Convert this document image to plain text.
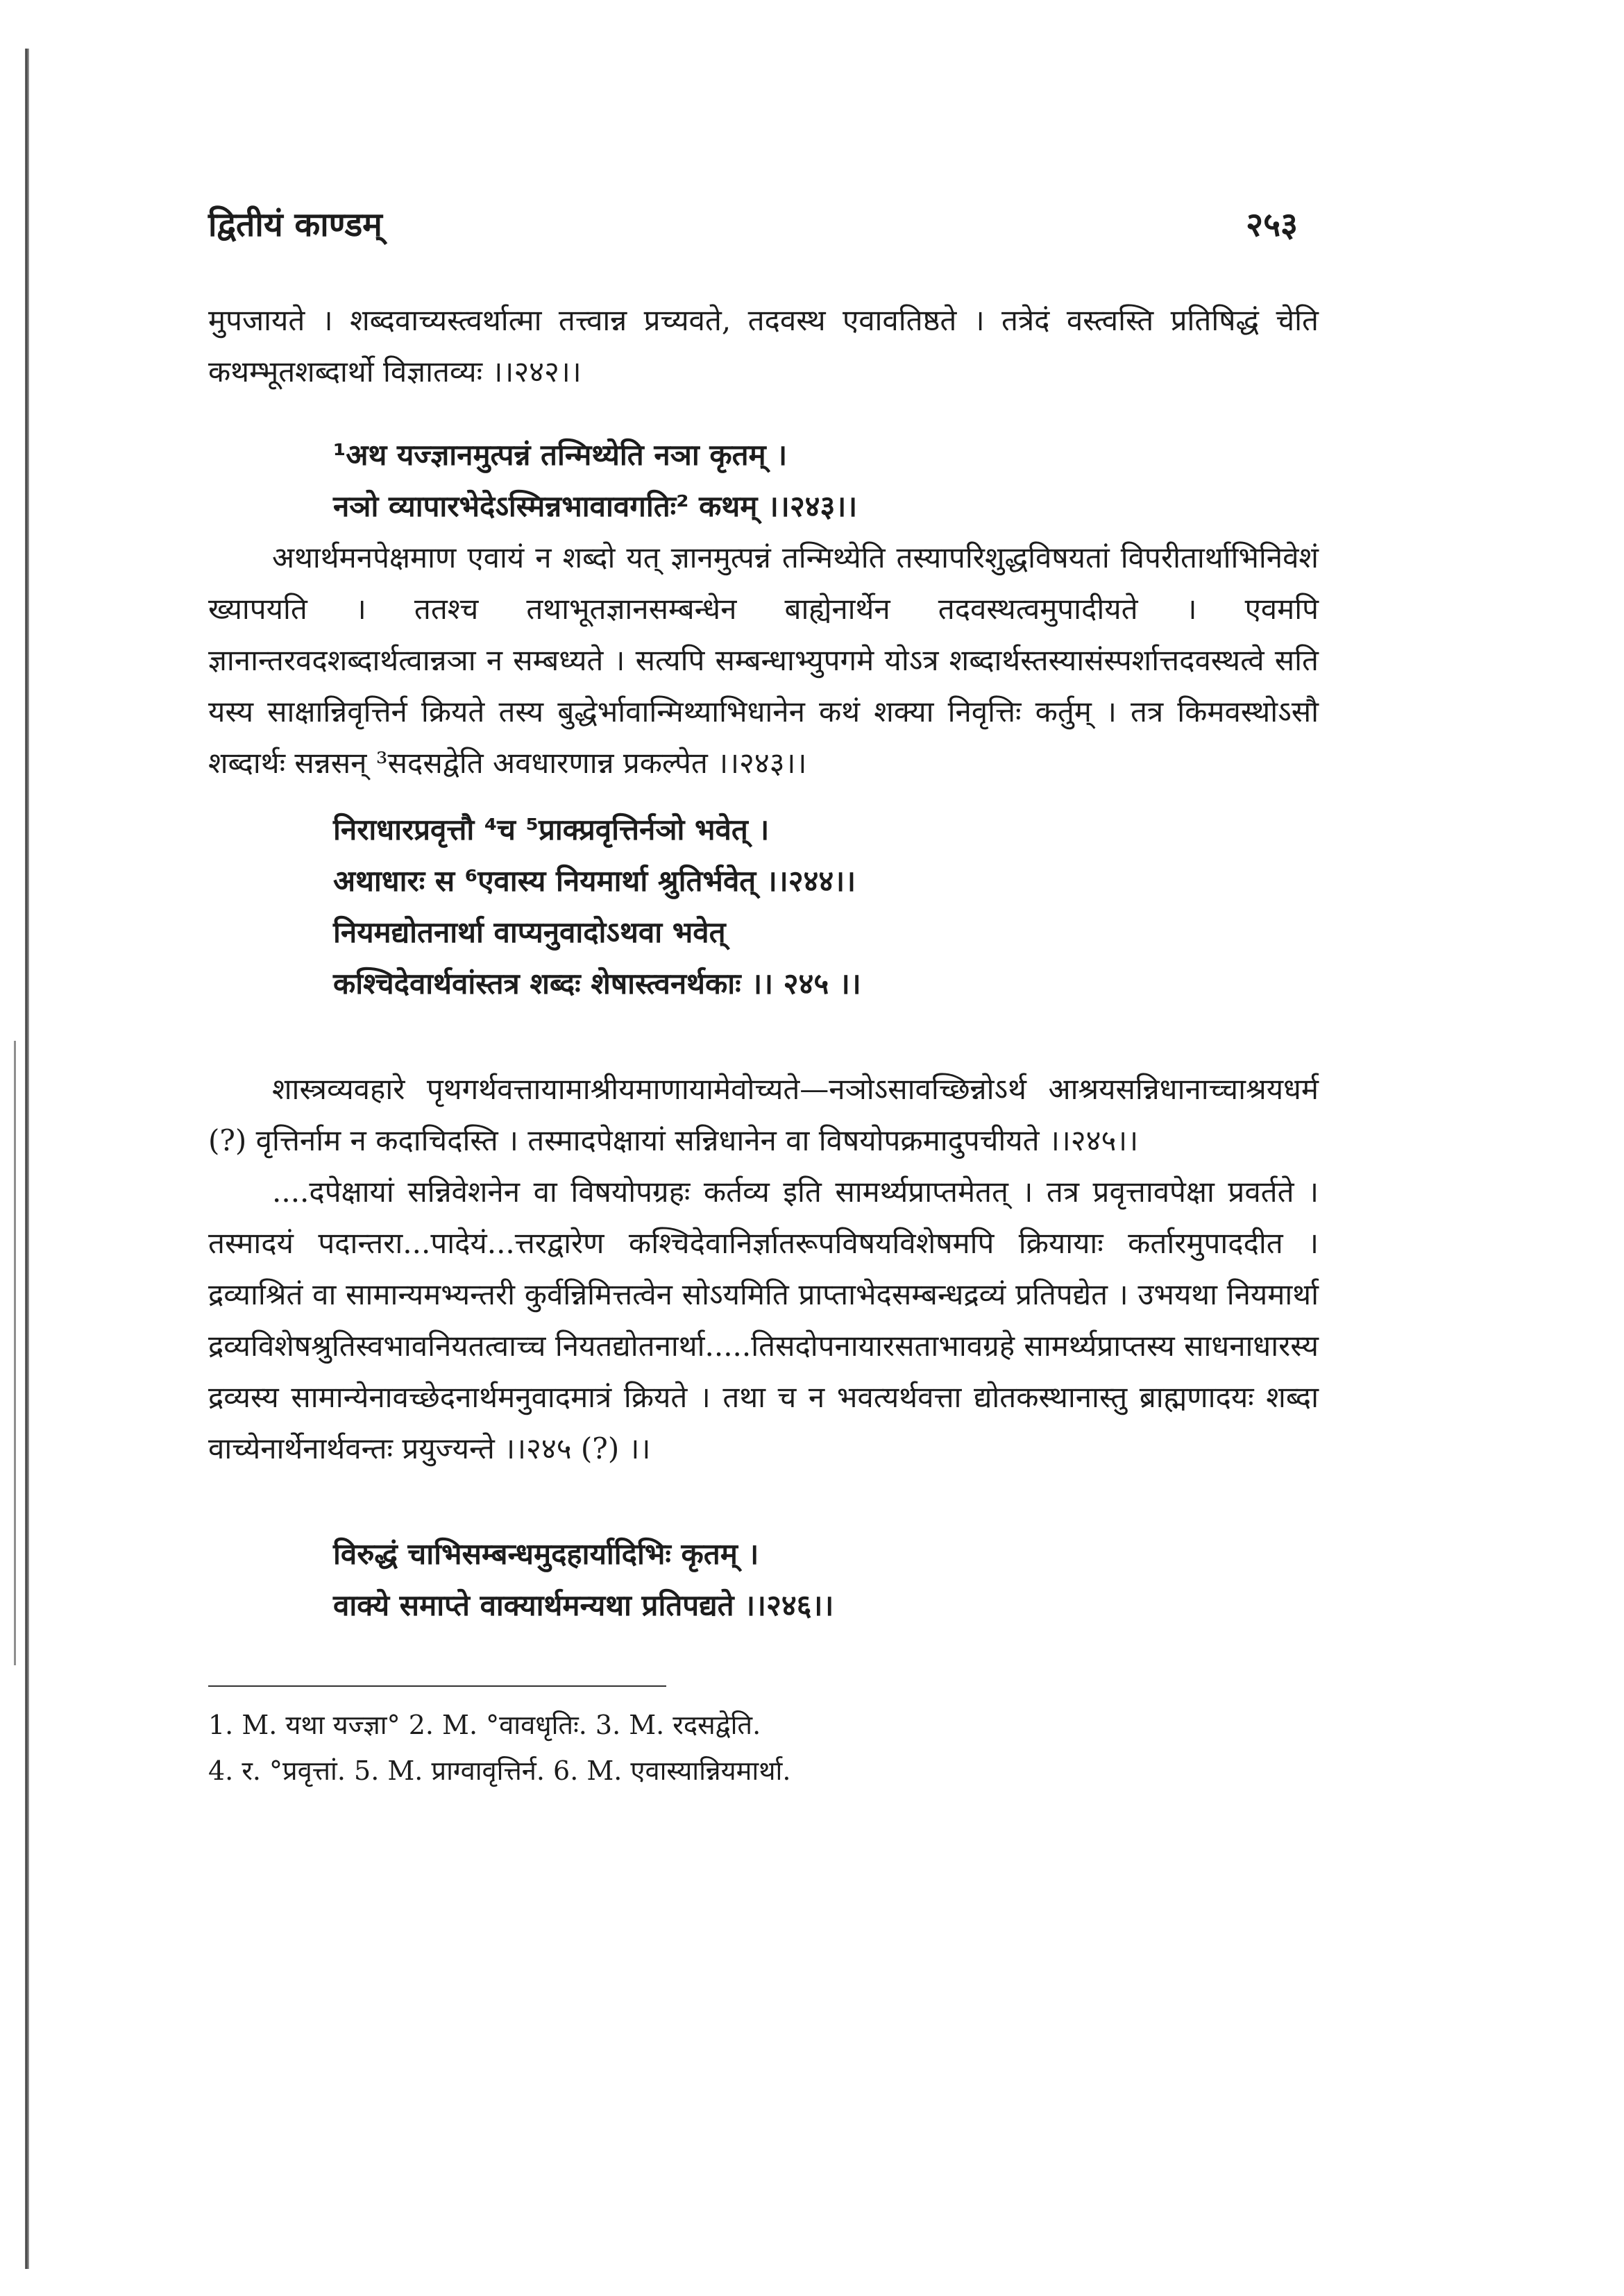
द्वितीयं काण्डम्	२५३

मुपजायते । शब्दवाच्यस्त्वर्थात्मा तत्त्वान्न प्रच्यवते, तदवस्थ एवावतिष्ठते । तत्रेदं वस्त्वस्ति प्रतिषिद्धं चेति कथम्भूतशब्दार्थो विज्ञातव्यः ।।२४२।।

¹अथ यज्ज्ञानमुत्पन्नं तन्मिथ्येति नञा कृतम् ।
नञो व्यापारभेदेऽस्मिन्नभावावगतिः² कथम् ।।२४३।।

अथार्थमनपेक्षमाण एवायं न शब्दो यत् ज्ञानमुत्पन्नं तन्मिथ्येति तस्यापरिशुद्धविषयतां विपरीतार्थाभिनिवेशं ख्यापयति । ततश्च तथाभूतज्ञानसम्बन्धेन बाह्येनार्थेन तदवस्थत्वमुपादीयते । एवमपि ज्ञानान्तरवदशब्दार्थत्वान्नञा न सम्बध्यते । सत्यपि सम्बन्धाभ्युपगमे योऽत्र शब्दार्थस्तस्यासंस्पर्शात्तदवस्थत्वे सति यस्य साक्षान्निवृत्तिर्न क्रियते तस्य बुद्धेर्भावान्मिथ्याभिधानेन कथं शक्या निवृत्तिः कर्तुम् । तत्र किमवस्थोऽसौ शब्दार्थः सन्नसन् ³सदसद्वेति अवधारणान्न प्रकल्पेत ।।२४३।।

निराधारप्रवृत्तौ ⁴च ⁵प्राक्प्रवृत्तिर्नञो भवेत् ।
अथाधारः स ⁶एवास्य नियमार्था श्रुतिर्भवेत् ।।२४४।।
नियमद्योतनार्था वाप्यनुवादोऽथवा भवेत्
कश्चिदेवार्थवांस्तत्र शब्दः शेषास्त्वनर्थकाः ।। २४५ ।।

शास्त्रव्यवहारे पृथगर्थवत्तायामाश्रीयमाणायामेवोच्यते—नञोऽसावच्छिन्नोऽर्थ आश्रयसन्निधानाच्चाश्रयधर्म (?) वृत्तिर्नाम न कदाचिदस्ति । तस्मादपेक्षायां सन्निधानेन वा विषयोपक्रमादुपचीयते ।।२४५।।

....दपेक्षायां सन्निवेशनेन वा विषयोपग्रहः कर्तव्य इति सामर्थ्यप्राप्तमेतत् । तत्र प्रवृत्तावपेक्षा प्रवर्तते । तस्मादयं पदान्तरा...पादेयं...त्तरद्वारेण कश्चिदेवानिर्ज्ञातरूपविषयविशेषमपि क्रियायाः कर्तारमुपाददीत । द्रव्याश्रितं वा सामान्यमभ्यन्तरी कुर्वन्निमित्तत्वेन सोऽयमिति प्राप्ताभेदसम्बन्धद्रव्यं प्रतिपद्येत । उभयथा नियमार्था द्रव्यविशेषश्रुतिस्वभावनियतत्वाच्च नियतद्योतनार्था.....तिसदोपनायारसताभावग्रहे सामर्थ्यप्राप्तस्य साधनाधारस्य द्रव्यस्य सामान्येनावच्छेदनार्थमनुवादमात्रं क्रियते । तथा च न भवत्यर्थवत्ता द्योतकस्थानास्तु ब्राह्मणादयः शब्दा वाच्येनार्थेनार्थवन्तः प्रयुज्यन्ते ।।२४५ (?) ।।

विरुद्धं चाभिसम्बन्धमुदहार्यादिभिः कृतम् ।
वाक्ये समाप्ते वाक्यार्थमन्यथा प्रतिपद्यते ।।२४६।।
1. M. यथा यज्ज्ञा° 2. M. °वावधृतिः. 3. M. रदसद्वेति.
4. र. °प्रवृत्तां. 5. M. प्राग्वावृत्तिर्न. 6. M. एवास्यान्नियमार्था.
